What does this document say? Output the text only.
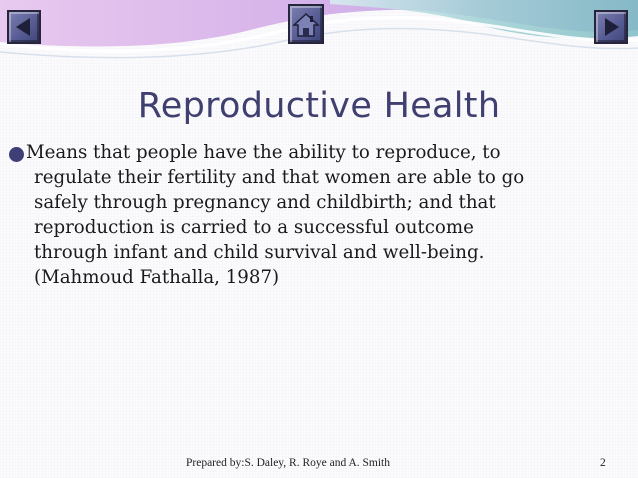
Reproductive Health
Means that people have the ability to reproduce, to
regulate their fertility and that women are able to go
safely through pregnancy and childbirth; and that
reproduction is carried to a successful outcome
through infant and child survival and well-being.
(Mahmoud Fathalla, 1987)
Prepared by:S. Daley, R. Roye and A. Smith	2
